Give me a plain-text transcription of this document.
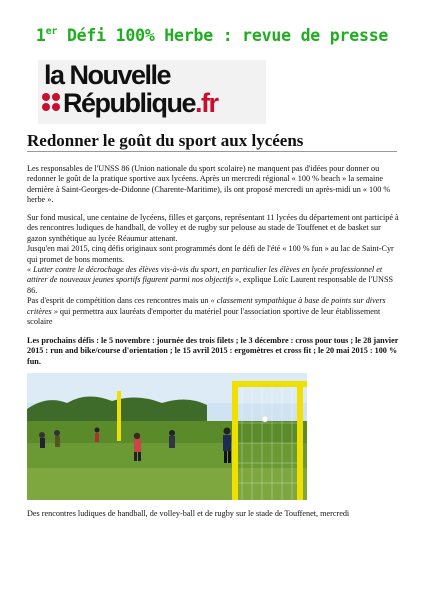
1er Défi 100% Herbe : revue de presse
la Nouvelle
République.fr
Redonner le goût du sport aux lycéens

Les responsables de l'UNSS 86 (Union nationale du sport scolaire) ne manquent pas d'idées pour donner ou redonner le goût de la pratique sportive aux lycéens. Après un mercredi régional « 100 % beach » la semaine dernière à Saint-Georges-de-Didonne (Charente-Maritime), ils ont proposé mercredi un après-midi un « 100 % herbe ».

Sur fond musical, une centaine de lycéens, filles et garçons, représentant 11 lycées du département ont participé à des rencontres ludiques de handball, de volley et de rugby sur pelouse au stade de Touffenet et de basket sur gazon synthétique au lycée Réaumur attenant.
Jusqu'en mai 2015, cinq défis originaux sont programmés dont le défi de l'été « 100 % fun » au lac de Saint-Cyr qui promet de bons moments.
« Lutter contre le décrochage des élèves vis-à-vis du sport, en particulier les élèves en lycée professionnel et attirer de nouveaux jeunes sportifs figurent parmi nos objectifs », explique Loïc Laurent responsable de l'UNSS 86.
Pas d'esprit de compétition dans ces rencontres mais un « classement sympathique à base de points sur divers critères » qui permettra aux lauréats d'emporter du matériel pour l'association sportive de leur établissement scolaire

Les prochains défis : le 5 novembre : journée des trois filets ; le 3 décembre : cross pour tous ; le 28 janvier 2015 : run and bike/course d'orientation ; le 15 avril 2015 : ergomètres et cross fit ; le 20 mai 2015 : 100 % fun.

Des rencontres ludiques de handball, de volley-ball et de rugby sur le stade de Touffenet, mercredi
